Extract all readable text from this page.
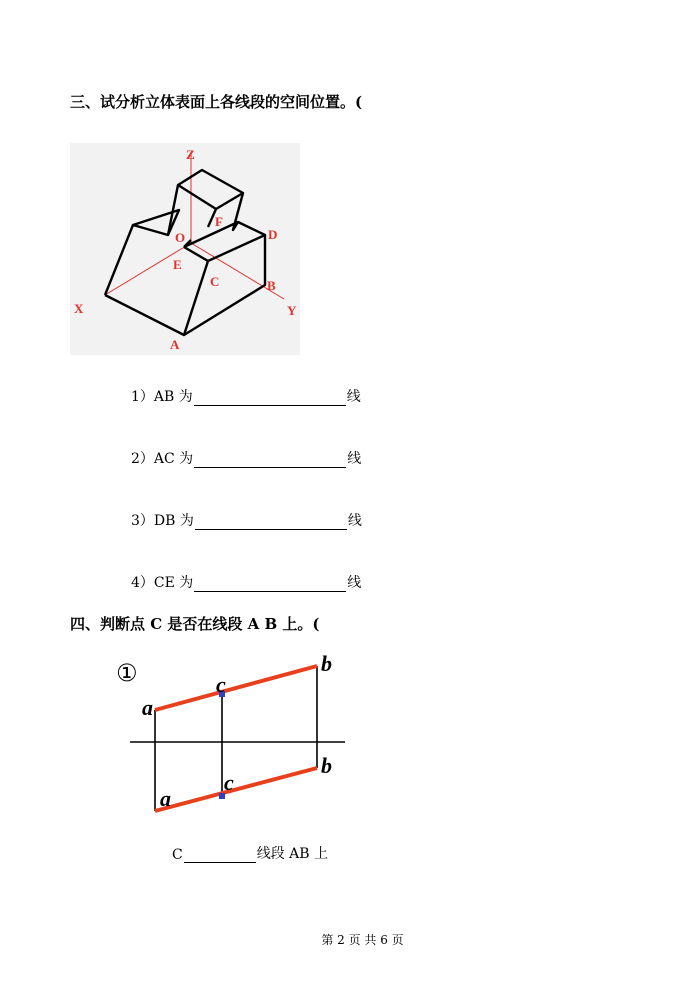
三、试分析立体表面上各线段的空间位置。(
Z
O
F
E
D
C	B
X	Y
A
1）AB 为	线
2）AC 为	线
3）DB 为	线
4）CE 为	线
四、判断点 C 是否在线段 A B 上。(
①
a
b
c
a
b
c
C	线段 AB 上
第 2 页 共 6 页
